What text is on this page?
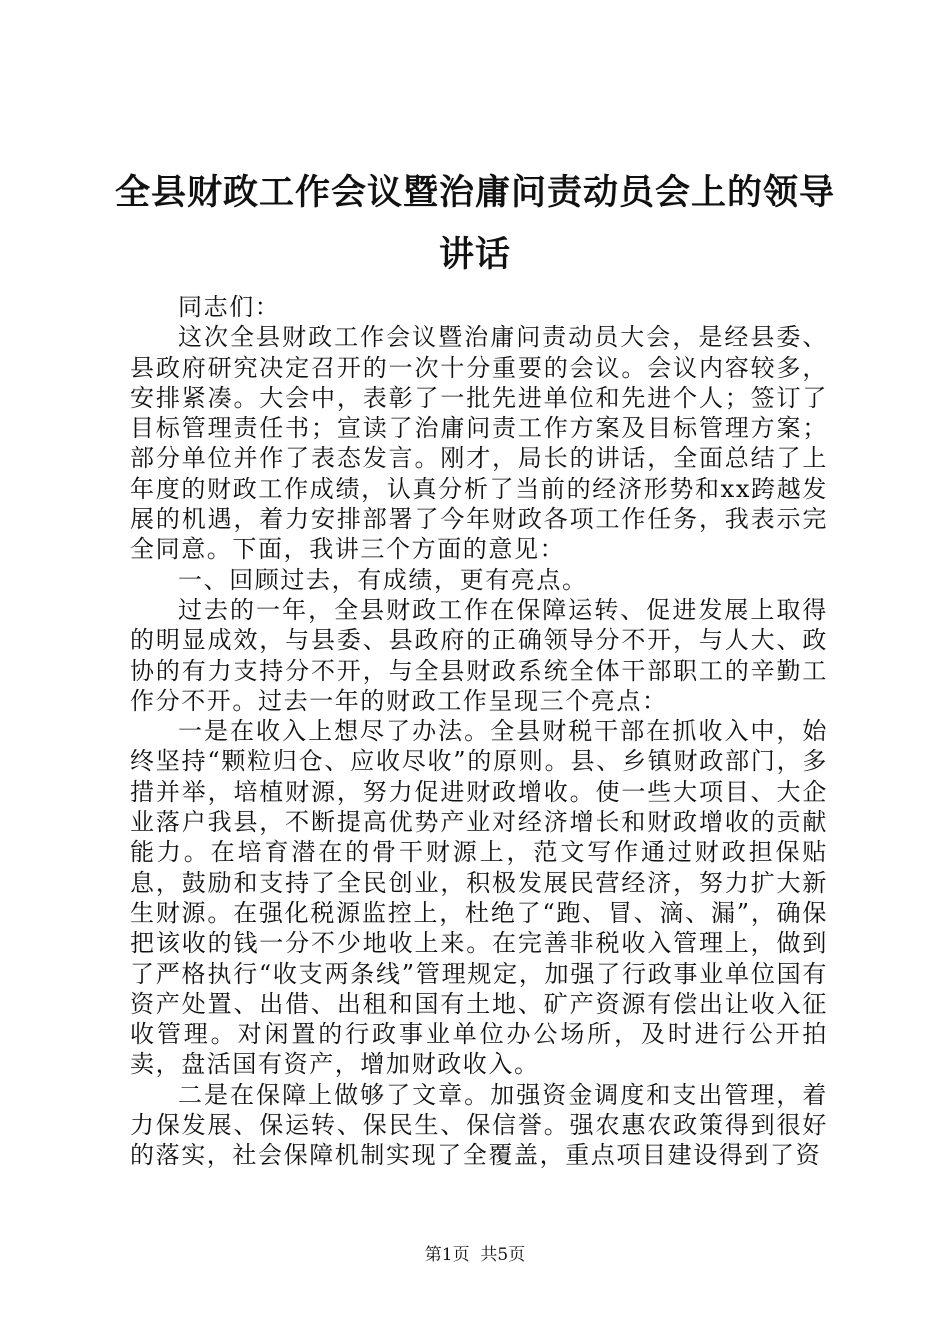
全县财政工作会议暨治庸问责动员会上的领导讲话

同志们：

这次全县财政工作会议暨治庸问责动员大会，是经县委、县政府研究决定召开的一次十分重要的会议。会议内容较多，安排紧凑。大会中，表彰了一批先进单位和先进个人；签订了目标管理责任书；宣读了治庸问责工作方案及目标管理方案；部分单位并作了表态发言。刚才，局长的讲话，全面总结了上年度的财政工作成绩，认真分析了当前的经济形势和xx跨越发展的机遇，着力安排部署了今年财政各项工作任务，我表示完全同意。下面，我讲三个方面的意见：

一、回顾过去，有成绩，更有亮点。

过去的一年，全县财政工作在保障运转、促进发展上取得的明显成效，与县委、县政府的正确领导分不开，与人大、政协的有力支持分不开，与全县财政系统全体干部职工的辛勤工作分不开。过去一年的财政工作呈现三个亮点：

一是在收入上想尽了办法。全县财税干部在抓收入中，始终坚持“颗粒归仓、应收尽收”的原则。县、乡镇财政部门，多措并举，培植财源，努力促进财政增收。使一些大项目、大企业落户我县，不断提高优势产业对经济增长和财政增收的贡献能力。在培育潜在的骨干财源上，范文写作通过财政担保贴息，鼓励和支持了全民创业，积极发展民营经济，努力扩大新生财源。在强化税源监控上，杜绝了“跑、冒、滴、漏”，确保把该收的钱一分不少地收上来。在完善非税收入管理上，做到了严格执行“收支两条线”管理规定，加强了行政事业单位国有资产处置、出借、出租和国有土地、矿产资源有偿出让收入征收管理。对闲置的行政事业单位办公场所，及时进行公开拍卖，盘活国有资产，增加财政收入。

二是在保障上做够了文章。加强资金调度和支出管理，着力保发展、保运转、保民生、保信誉。强农惠农政策得到很好的落实，社会保障机制实现了全覆盖，重点项目建设得到了资

第1页 共5页
